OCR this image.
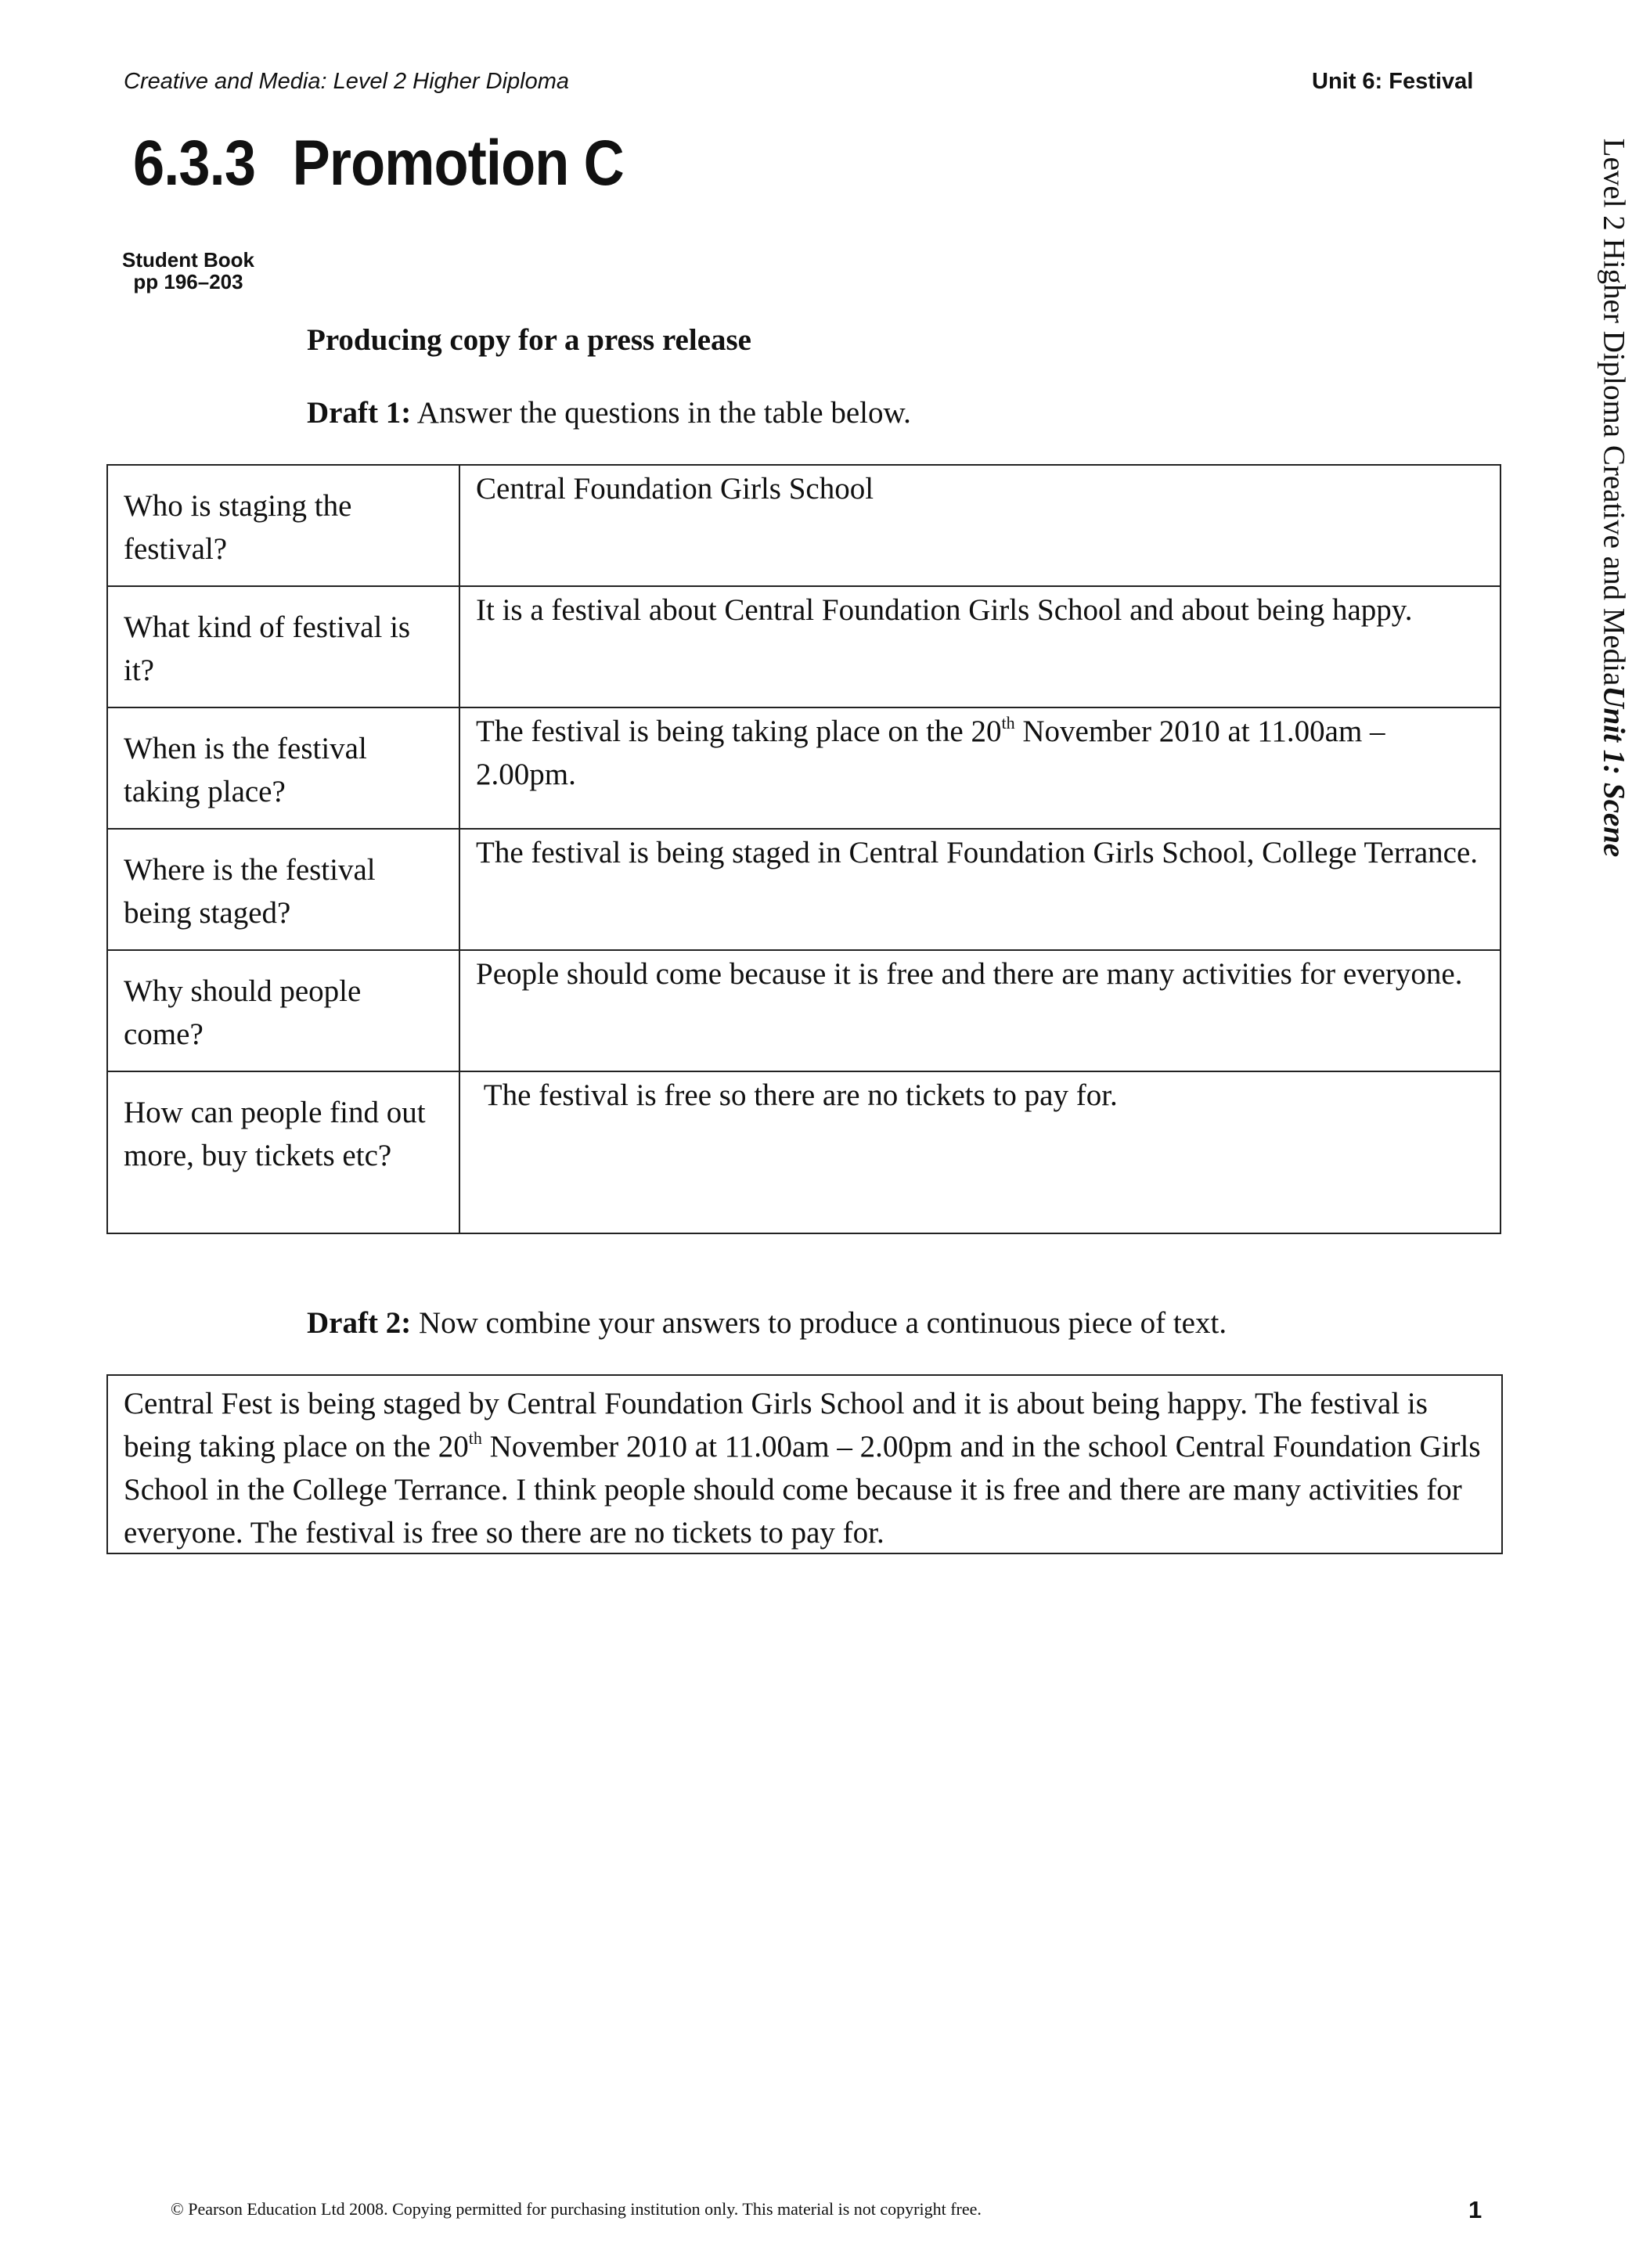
Creative and Media: Level 2 Higher Diploma	Unit 6: Festival
Level 2 Higher Diploma Creative and MediaUnit 1: Scene
6.3.3 Promotion C
Student Book
pp 196–203
Producing copy for a press release
Draft 1: Answer the questions in the table below.
Who is staging the festival?	Central Foundation Girls School
What kind of festival is it?	It is a festival about Central Foundation Girls School and about being happy.
When is the festival taking place?	The festival is being taking place on the 20th November 2010 at 11.00am – 2.00pm.
Where is the festival being staged?	The festival is being staged in Central Foundation Girls School, College Terrance.
Why should people come?	People should come because it is free and there are many activities for everyone.
How can people find out more, buy tickets etc?	The festival is free so there are no tickets to pay for.
Draft 2: Now combine your answers to produce a continuous piece of text.
Central Fest is being staged by Central Foundation Girls School and it is about being happy. The festival is being taking place on the 20th November 2010 at 11.00am – 2.00pm and in the school Central Foundation Girls School in the College Terrance. I think people should come because it is free and there are many activities for everyone. The festival is free so there are no tickets to pay for.
© Pearson Education Ltd 2008. Copying permitted for purchasing institution only. This material is not copyright free.	1
